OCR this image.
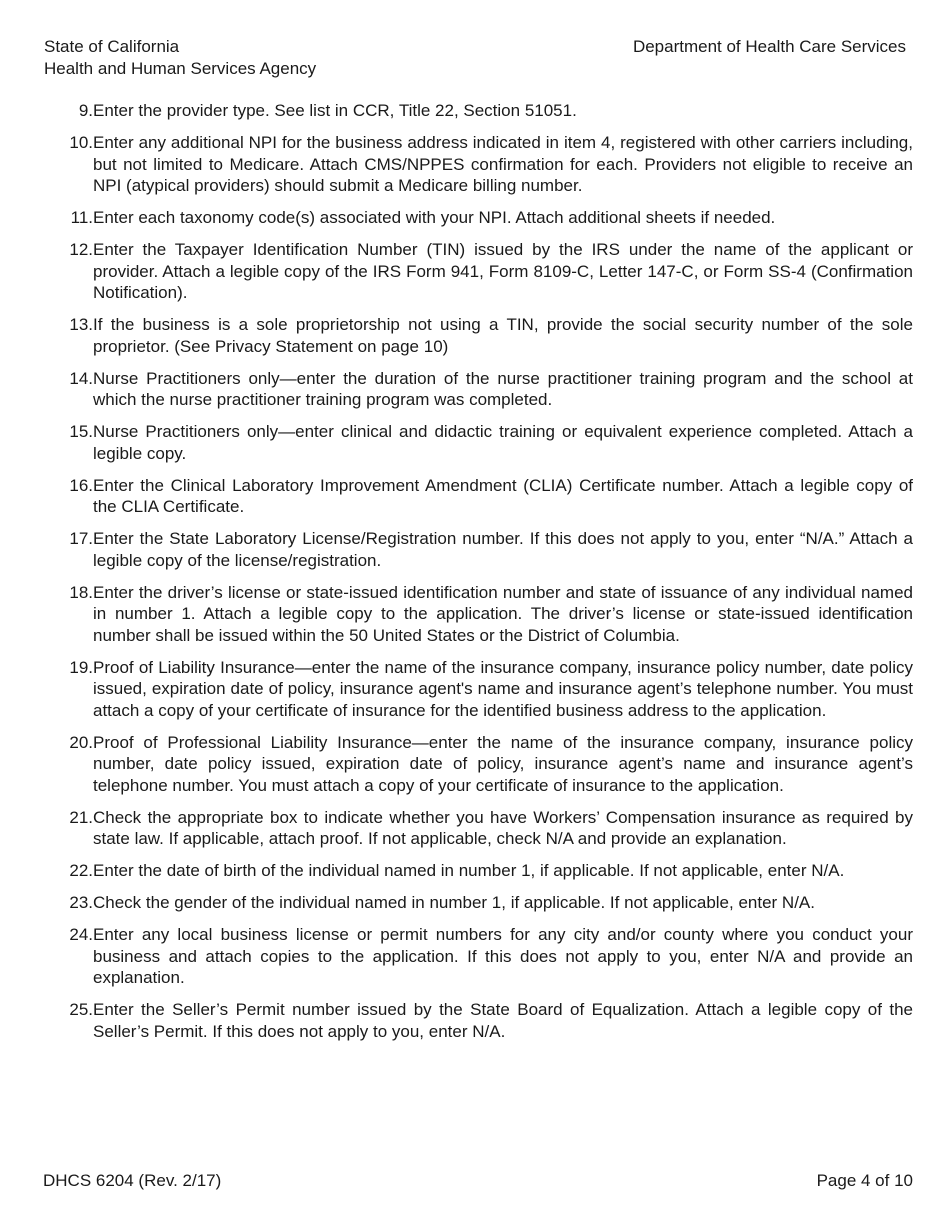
State of California
Health and Human Services Agency
Department of Health Care Services
9. Enter the provider type. See list in CCR, Title 22, Section 51051.
10. Enter any additional NPI for the business address indicated in item 4, registered with other carriers including, but not limited to Medicare. Attach CMS/NPPES confirmation for each. Providers not eligible to receive an NPI (atypical providers) should submit a Medicare billing number.
11. Enter each taxonomy code(s) associated with your NPI. Attach additional sheets if needed.
12. Enter the Taxpayer Identification Number (TIN) issued by the IRS under the name of the applicant or provider. Attach a legible copy of the IRS Form 941, Form 8109-C, Letter 147-C, or Form SS-4 (Confirmation Notification).
13. If the business is a sole proprietorship not using a TIN, provide the social security number of the sole proprietor. (See Privacy Statement on page 10)
14. Nurse Practitioners only—enter the duration of the nurse practitioner training program and the school at which the nurse practitioner training program was completed.
15. Nurse Practitioners only—enter clinical and didactic training or equivalent experience completed. Attach a legible copy.
16. Enter the Clinical Laboratory Improvement Amendment (CLIA) Certificate number. Attach a legible copy of the CLIA Certificate.
17. Enter the State Laboratory License/Registration number. If this does not apply to you, enter “N/A.” Attach a legible copy of the license/registration.
18. Enter the driver’s license or state-issued identification number and state of issuance of any individual named in number 1. Attach a legible copy to the application. The driver’s license or state-issued identification number shall be issued within the 50 United States or the District of Columbia.
19. Proof of Liability Insurance—enter the name of the insurance company, insurance policy number, date policy issued, expiration date of policy, insurance agent's name and insurance agent’s telephone number. You must attach a copy of your certificate of insurance for the identified business address to the application.
20. Proof of Professional Liability Insurance—enter the name of the insurance company, insurance policy number, date policy issued, expiration date of policy, insurance agent’s name and insurance agent’s telephone number. You must attach a copy of your certificate of insurance to the application.
21. Check the appropriate box to indicate whether you have Workers’ Compensation insurance as required by state law. If applicable, attach proof. If not applicable, check N/A and provide an explanation.
22. Enter the date of birth of the individual named in number 1, if applicable. If not applicable, enter N/A.
23. Check the gender of the individual named in number 1, if applicable. If not applicable, enter N/A.
24. Enter any local business license or permit numbers for any city and/or county where you conduct your business and attach copies to the application. If this does not apply to you, enter N/A and provide an explanation.
25. Enter the Seller’s Permit number issued by the State Board of Equalization. Attach a legible copy of the Seller’s Permit. If this does not apply to you, enter N/A.
DHCS 6204 (Rev. 2/17)	Page 4 of 10
